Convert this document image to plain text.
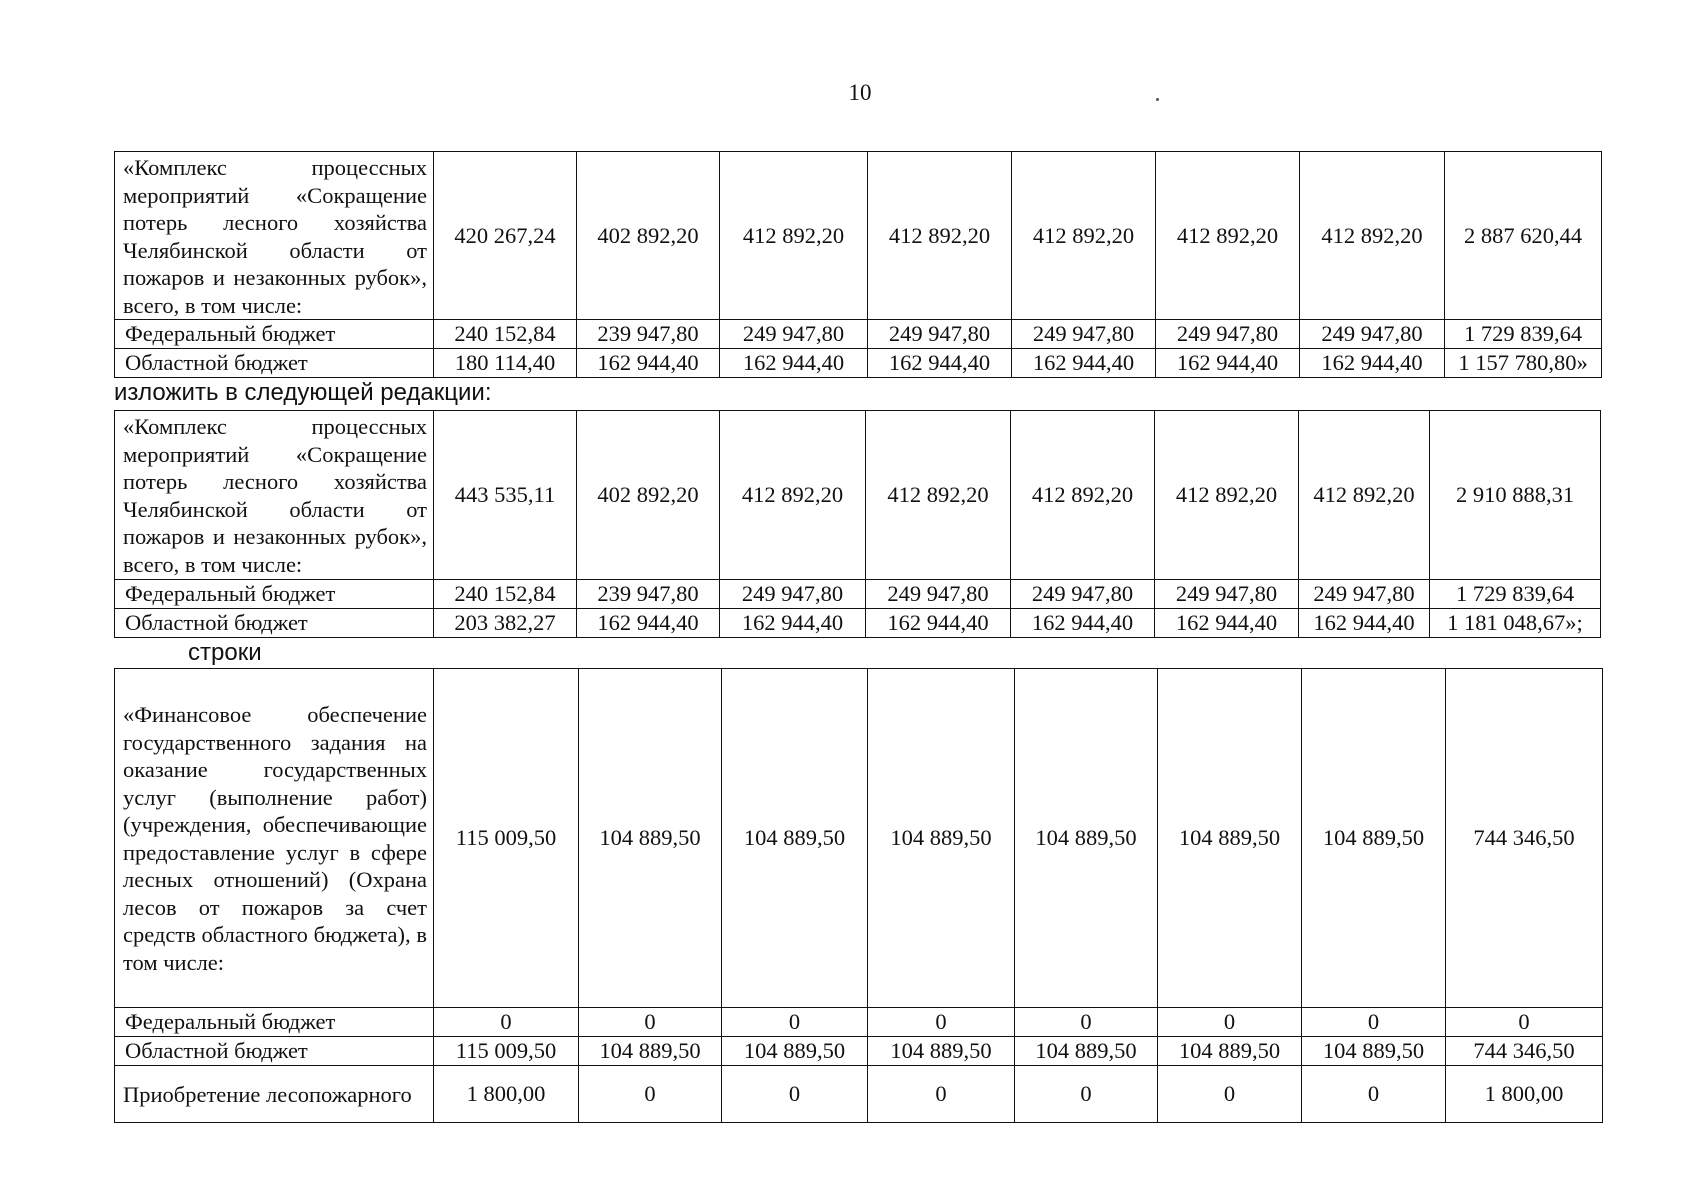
10
«Комплекс процессных мероприятий «Сокращение потерь лесного хозяйства Челябинской области от пожаров и незаконных рубок», всего, в том числе:	420 267,24	402 892,20	412 892,20	412 892,20	412 892,20	412 892,20	412 892,20	2 887 620,44
Федеральный бюджет	240 152,84	239 947,80	249 947,80	249 947,80	249 947,80	249 947,80	249 947,80	1 729 839,64
Областной бюджет	180 114,40	162 944,40	162 944,40	162 944,40	162 944,40	162 944,40	162 944,40	1 157 780,80»
изложить в следующей редакции:
«Комплекс процессных мероприятий «Сокращение потерь лесного хозяйства Челябинской области от пожаров и незаконных рубок», всего, в том числе:	443 535,11	402 892,20	412 892,20	412 892,20	412 892,20	412 892,20	412 892,20	2 910 888,31
Федеральный бюджет	240 152,84	239 947,80	249 947,80	249 947,80	249 947,80	249 947,80	249 947,80	1 729 839,64
Областной бюджет	203 382,27	162 944,40	162 944,40	162 944,40	162 944,40	162 944,40	162 944,40	1 181 048,67»;
строки
«Финансовое обеспечение государственного задания на оказание государственных услуг (выполнение работ) (учреждения, обеспечивающие предоставление услуг в сфере лесных отношений) (Охрана лесов от пожаров за счет средств областного бюджета), в том числе:	115 009,50	104 889,50	104 889,50	104 889,50	104 889,50	104 889,50	104 889,50	744 346,50
Федеральный бюджет	0	0	0	0	0	0	0	0
Областной бюджет	115 009,50	104 889,50	104 889,50	104 889,50	104 889,50	104 889,50	104 889,50	744 346,50
Приобретение лесопожарного	1 800,00	0	0	0	0	0	0	1 800,00
